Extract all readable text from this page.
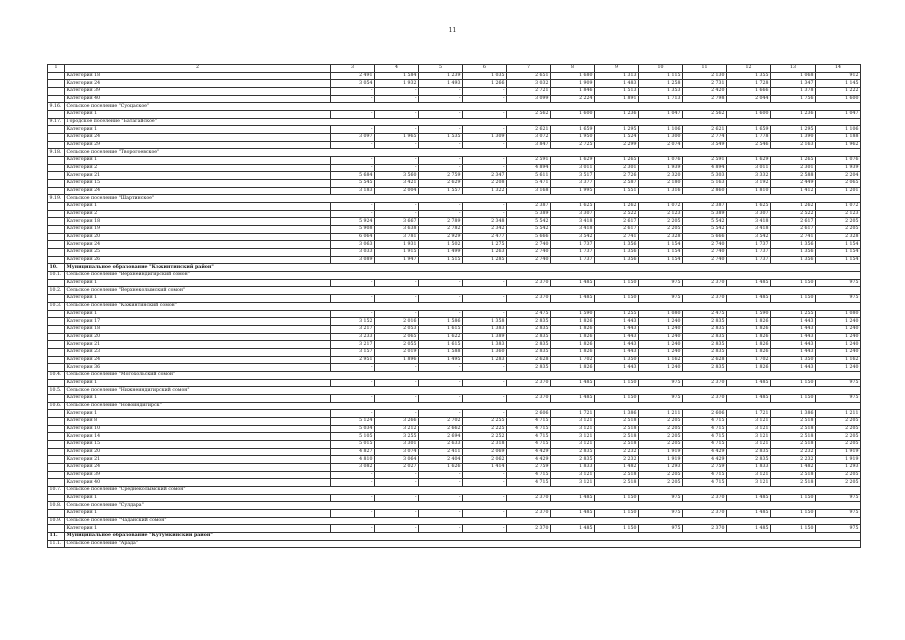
11
1	2	3	4	5	6	7	8	9	10	11	12	13	14
	Категория 18	2 491	1 584	1 239	1 035	2 651	1 680	1 313	1 115	2 130	1 355	1 068	912
	Категория 24	3 054	1 932	1 493	1 266	3 032	1 909	1 483	1 258	2 731	1 728	1 347	1 145
	Категория 39	-	-	-	-	2 721	1 846	1 513	1 353	2 420	1 666	1 378	1 222
	Категория 40	-	-	-	-	3 099	2 224	1 891	1 713	2 798	2 044	1 756	1 600
9.16.	Сельское поселение "Суоцаское"												
	Категория 1	-	-	-	-	2 562	1 600	1 236	1 047	2 562	1 600	1 236	1 047
9.17.	Городское поселение "Батагайское"												
	Категория 1	-	-	-	-	2 621	1 659	1 295	1 106	2 621	1 659	1 295	1 106
	Категория 24	3 097	1 965	1 535	1 309	3 072	1 950	1 524	1 300	2 774	1 778	1 390	1 188
	Категория 29	-	-	-	-	3 847	2 725	2 299	2 074	3 549	2 546	2 163	1 962
9.18.	Сельское поселение "Творогоевское"												
	Категория 1	-	-	-	-	2 591	1 629	1 265	1 076	2 591	1 629	1 265	1 076
	Категория 2	-	-	-	-	4 894	3 011	2 301	1 939	4 894	3 011	2 301	1 939
	Категория 21	5 684	3 560	2 759	2 347	5 611	3 517	2 726	2 320	5 303	3 332	2 588	2 204
	Категория 15	5 545	3 421	2 629	2 208	5 471	3 377	2 587	2 180	5 163	3 192	2 449	2 065
	Категория 24	3 183	2 004	1 557	1 322	3 168	1 995	1 551	1 316	2 860	1 810	1 412	1 201
9.19.	Сельское поселение "Шартинское"												
	Категория 1	-	-	-	-	2 387	1 625	1 262	1 072	2 387	1 625	1 262	1 072
	Категория 2	-	-	-	-	5 389	3 307	2 522	2 123	5 389	3 307	2 522	2 123
	Категория 18	5 924	3 667	2 789	2 348	5 542	3 418	2 617	2 205	5 542	3 418	2 617	2 205
	Категория 19	5 908	3 638	2 782	2 342	5 542	3 418	2 617	2 205	5 542	3 418	2 617	2 205
	Категория 20	6 064	3 781	2 929	2 477	5 666	3 542	2 741	2 328	5 666	3 542	2 741	2 328
	Категория 24	3 063	1 931	1 502	1 275	2 740	1 737	1 356	1 154	2 740	1 737	1 356	1 154
	Категория 25	3 033	1 915	1 499	1 263	2 740	1 737	1 356	1 154	2 740	1 737	1 356	1 154
	Категория 26	3 089	1 947	1 515	1 285	2 740	1 737	1 356	1 154	2 740	1 737	1 356	1 154
10.	Муниципальное образование "Кэжинтинский район"												
10.1.	Сельское поселение "Верхнеиндигирский сомон"												
	Категория 1	-	-	-	-	2 370	1 485	1 150	975	2 370	1 485	1 150	975
10.2.	Сельское поселение "Верхнеколымский сомон"												
	Категория 1	-	-	-	-	2 370	1 485	1 150	975	2 370	1 485	1 150	975
10.3.	Сельское поселение "Кэжинтинский сомон"												
	Категория 1	-	-	-	-	2 475	1 590	1 255	1 080	2 475	1 590	1 255	1 080
	Категория 17	3 152	2 016	1 586	1 358	2 835	1 826	1 443	1 240	2 835	1 826	1 443	1 240
	Категория 18	3 217	2 053	1 615	1 383	2 835	1 826	1 443	1 240	2 835	1 826	1 443	1 240
	Категория 20	3 233	2 065	1 622	1 389	2 835	1 826	1 443	1 240	2 835	1 826	1 443	1 240
	Категория 21	3 217	2 055	1 615	1 383	2 835	1 826	1 443	1 240	2 835	1 826	1 443	1 240
	Категория 23	3 157	2 019	1 588	1 360	2 835	1 826	1 443	1 240	2 835	1 826	1 443	1 240
	Категория 24	2 951	1 896	1 495	1 283	2 628	1 702	1 350	1 162	2 628	1 702	1 350	1 162
	Категория 36	-	-	-	-	2 835	1 826	1 443	1 240	2 835	1 826	1 443	1 240
10.4.	Сельское поселение "Могохольский сомон"												
	Категория 1	-	-	-	-	2 370	1 485	1 150	975	2 370	1 485	1 150	975
10.5.	Сельское поселение "Нижнеиндигирский сомон"												
	Категория 1	-	-	-	-	2 370	1 485	1 150	975	2 370	1 485	1 150	975
10.6.	Сельское поселение "Новоиндигирск"												
	Категория 1	-	-	-	-	2 606	1 721	1 386	1 211	2 606	1 721	1 386	1 211
	Категория 8	5 124	3 266	2 702	2 255	4 715	3 121	2 518	2 205	4 715	3 121	2 518	2 205
	Категория 10	5 034	3 212	2 662	2 225	4 715	3 121	2 518	2 205	4 715	3 121	2 518	2 205
	Категория 14	5 105	3 255	2 694	2 252	4 715	3 121	2 518	2 205	4 715	3 121	2 518	2 205
	Категория 15	5 015	3 301	2 633	2 318	4 715	3 121	2 518	2 205	4 715	3 121	2 518	2 205
	Категория 20	4 827	3 074	2 411	2 069	4 429	2 835	2 232	1 919	4 429	2 835	2 232	1 919
	Категория 21	4 810	3 064	2 404	2 062	4 429	2 835	2 232	1 919	4 429	2 835	2 232	1 919
	Категория 24	3 082	2 027	1 626	1 414	2 759	1 833	1 482	1 293	2 759	1 833	1 482	1 293
	Категория 39	-	-	-	-	4 715	3 121	2 518	2 205	4 715	3 121	2 518	2 205
	Категория 40	-	-	-	-	4 715	3 121	2 518	2 205	4 715	3 121	2 518	2 205
10.7.	Сельское поселение "Среднеколымский сомон"												
	Категория 1	-	-	-	-	2 370	1 485	1 150	975	2 370	1 485	1 150	975
10.8.	Сельское поселение "Сулдара"												
	Категория 1	-	-	-	-	2 370	1 485	1 150	975	2 370	1 485	1 150	975
10.9.	Сельское поселение "Чаданский сомон"												
	Категория 1	-	-	-	-	2 370	1 485	1 150	975	2 370	1 485	1 150	975
11.	Муниципальное образование "Кутумкинский район"												
11.1.	Сельское поселение "Арада"												
